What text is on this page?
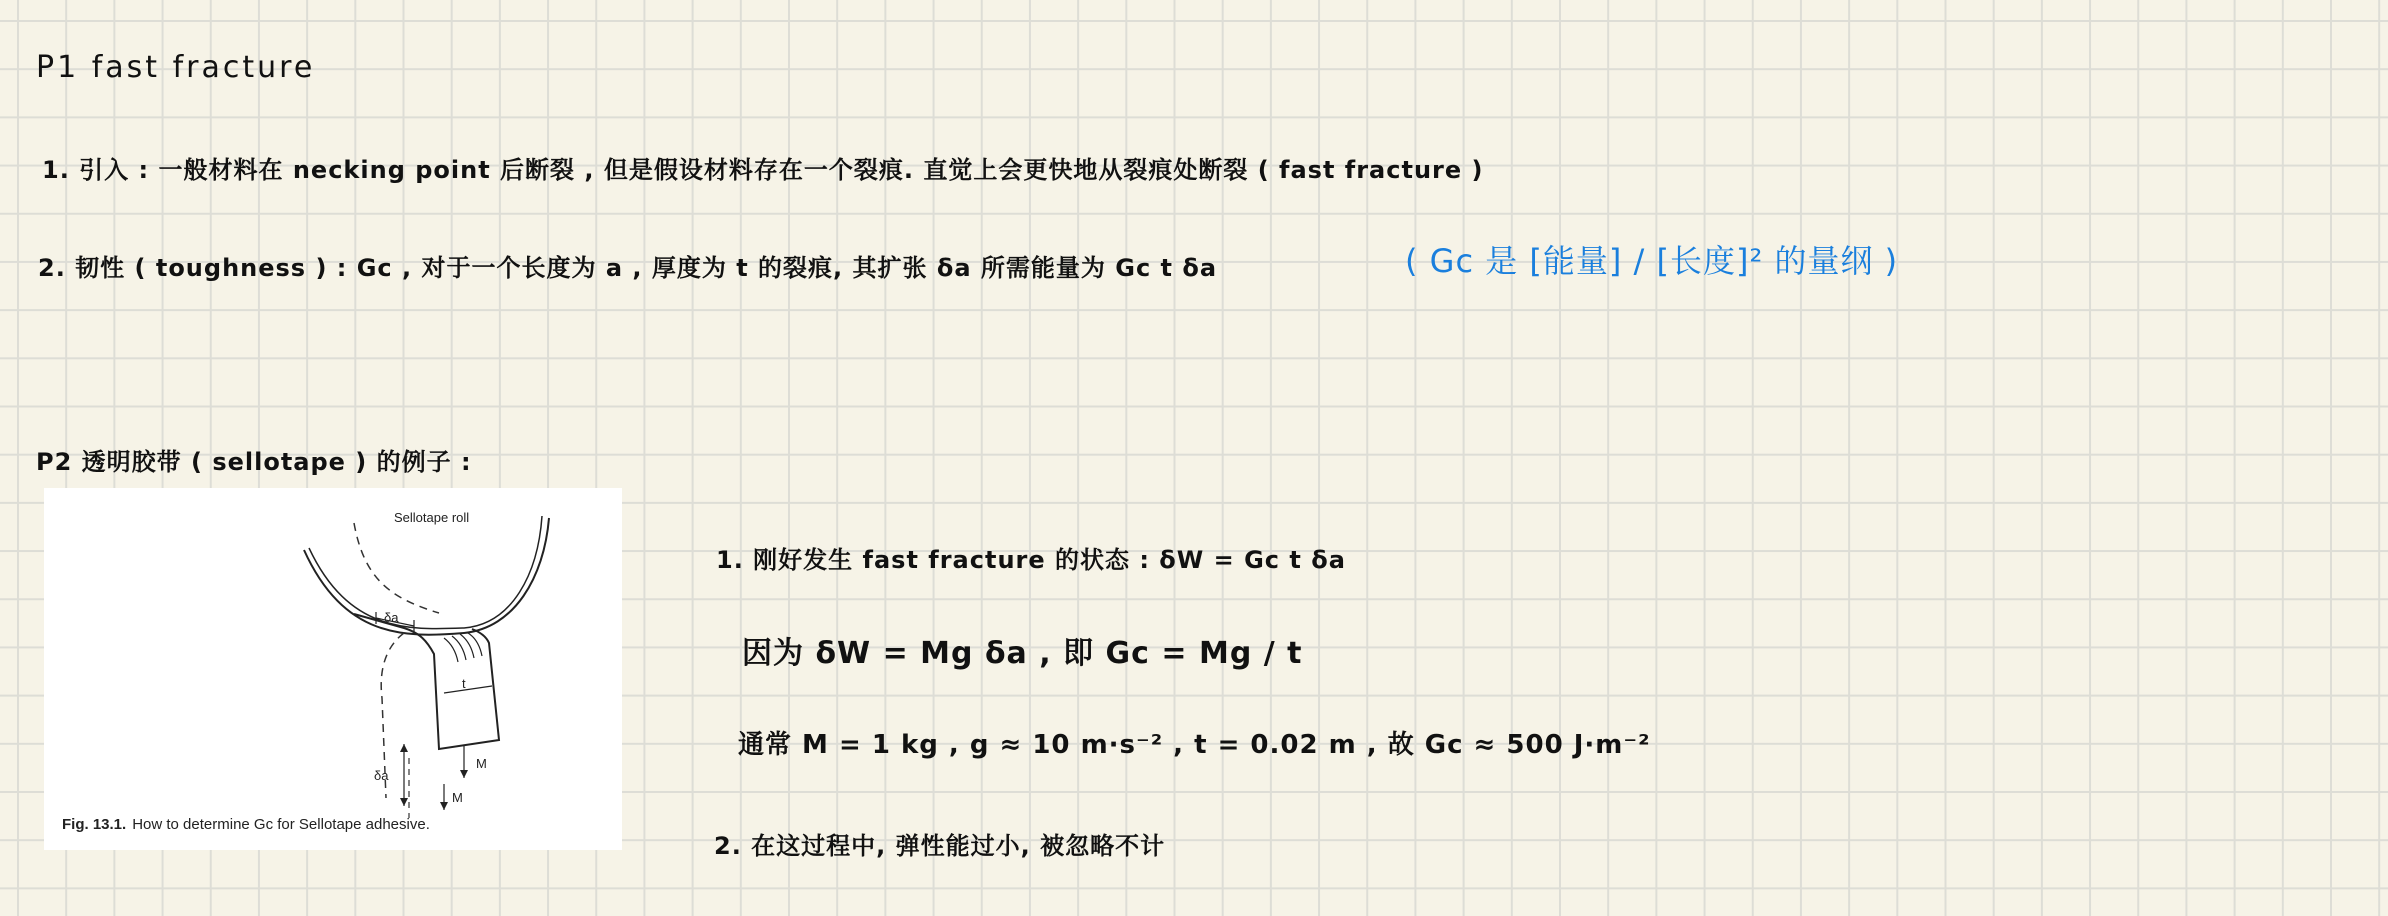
P1 fast fracture
1. 引入 : 一般材料在 necking point 后断裂 , 但是假设材料存在一个裂痕. 直觉上会更快地从裂痕处断裂 ( fast fracture )
2. 韧性 ( toughness ) : Gc , 对于一个长度为 a , 厚度为 t 的裂痕, 其扩张 δa 所需能量为 Gc t δa	( Gc 是 [能量] / [长度]² 的量纲 )
P2 透明胶带 ( sellotape ) 的例子 :
1. 刚好发生 fast fracture 的状态 : δW = Gc t δa
因为 δW = Mg δa , 即 Gc = Mg / t
通常 M = 1 kg , g ≈ 10 m·s⁻² , t = 0.02 m , 故 Gc ≈ 500 J·m⁻²
2. 在这过程中, 弹性能过小, 被忽略不计
Sellotape roll
δa
t
M
δa
M
Fig. 13.1. How to determine Gc for Sellotape adhesive.
